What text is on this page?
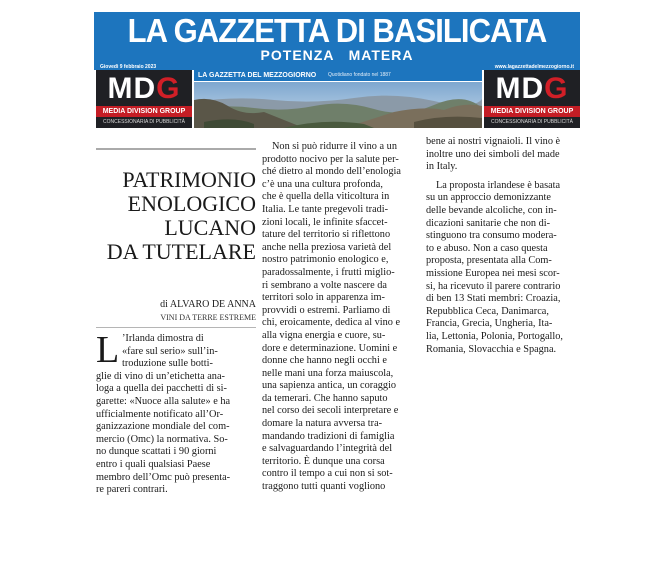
LA GAZZETTA DI BASILICATA
POTENZA   MATERA
Giovedì 9 febbraio 2023	www.lagazzettadelmezzogiorno.it
MDG
MEDIA DIVISION GROUP
CONCESSIONARIA DI PUBBLICITÀ
MDG
MEDIA DIVISION GROUP
CONCESSIONARIA DI PUBBLICITÀ
LA GAZZETTA DEL MEZZOGIORNO Quotidiano fondato nel 1887
PATRIMONIO
ENOLOGICO
LUCANO
DA TUTELARE
di ALVARO DE ANNA
VINI DA TERRE ESTREME
L ’Irlanda dimostra di
«fare sul serio» sull’in-
troduzione sulle botti-
glie di vino di un’etichetta ana-
loga a quella dei pacchetti di si-
garette: «Nuoce alla salute» e ha
ufficialmente notificato all’Or-
ganizzazione mondiale del com-
mercio (Omc) la normativa. So-
no dunque scattati i 90 giorni
entro i quali qualsiasi Paese
membro dell’Omc può presenta-
re pareri contrari.
Non si può ridurre il vino a un
prodotto nocivo per la salute per-
ché dietro al mondo dell’enologia
c’è una una cultura profonda,
che è quella della viticoltura in
Italia. Le tante pregevoli tradi-
zioni locali, le infinite sfaccet-
tature del territorio si riflettono
anche nella preziosa varietà del
nostro patrimonio enologico e,
paradossalmente, i frutti miglio-
ri sembrano a volte nascere da
territori solo in apparenza im-
provvidi o estremi. Parliamo di
chi, eroicamente, dedica al vino e
alla vigna energia e cuore, su-
dore e determinazione. Uomini e
donne che hanno negli occhi e
nelle mani una forza maiuscola,
una sapienza antica, un coraggio
da temerari. Che hanno saputo
nel corso dei secoli interpretare e
domare la natura avversa tra-
mandando tradizioni di famiglia
e salvaguardando l’integrità del
territorio. È dunque una corsa
contro il tempo a cui non si sot-
traggono tutti quanti vogliono
bene ai nostri vignaioli. Il vino è
inoltre uno dei simboli del made
in Italy.
La proposta irlandese è basata
su un approccio demonizzante
delle bevande alcoliche, con in-
dicazioni sanitarie che non di-
stinguono tra consumo modera-
to e abuso. Non a caso questa
proposta, presentata alla Com-
missione Europea nei mesi scor-
si, ha ricevuto il parere contrario
di ben 13 Stati membri: Croazia,
Repubblica Ceca, Danimarca,
Francia, Grecia, Ungheria, Ita-
lia, Lettonia, Polonia, Portogallo,
Romania, Slovacchia e Spagna.
